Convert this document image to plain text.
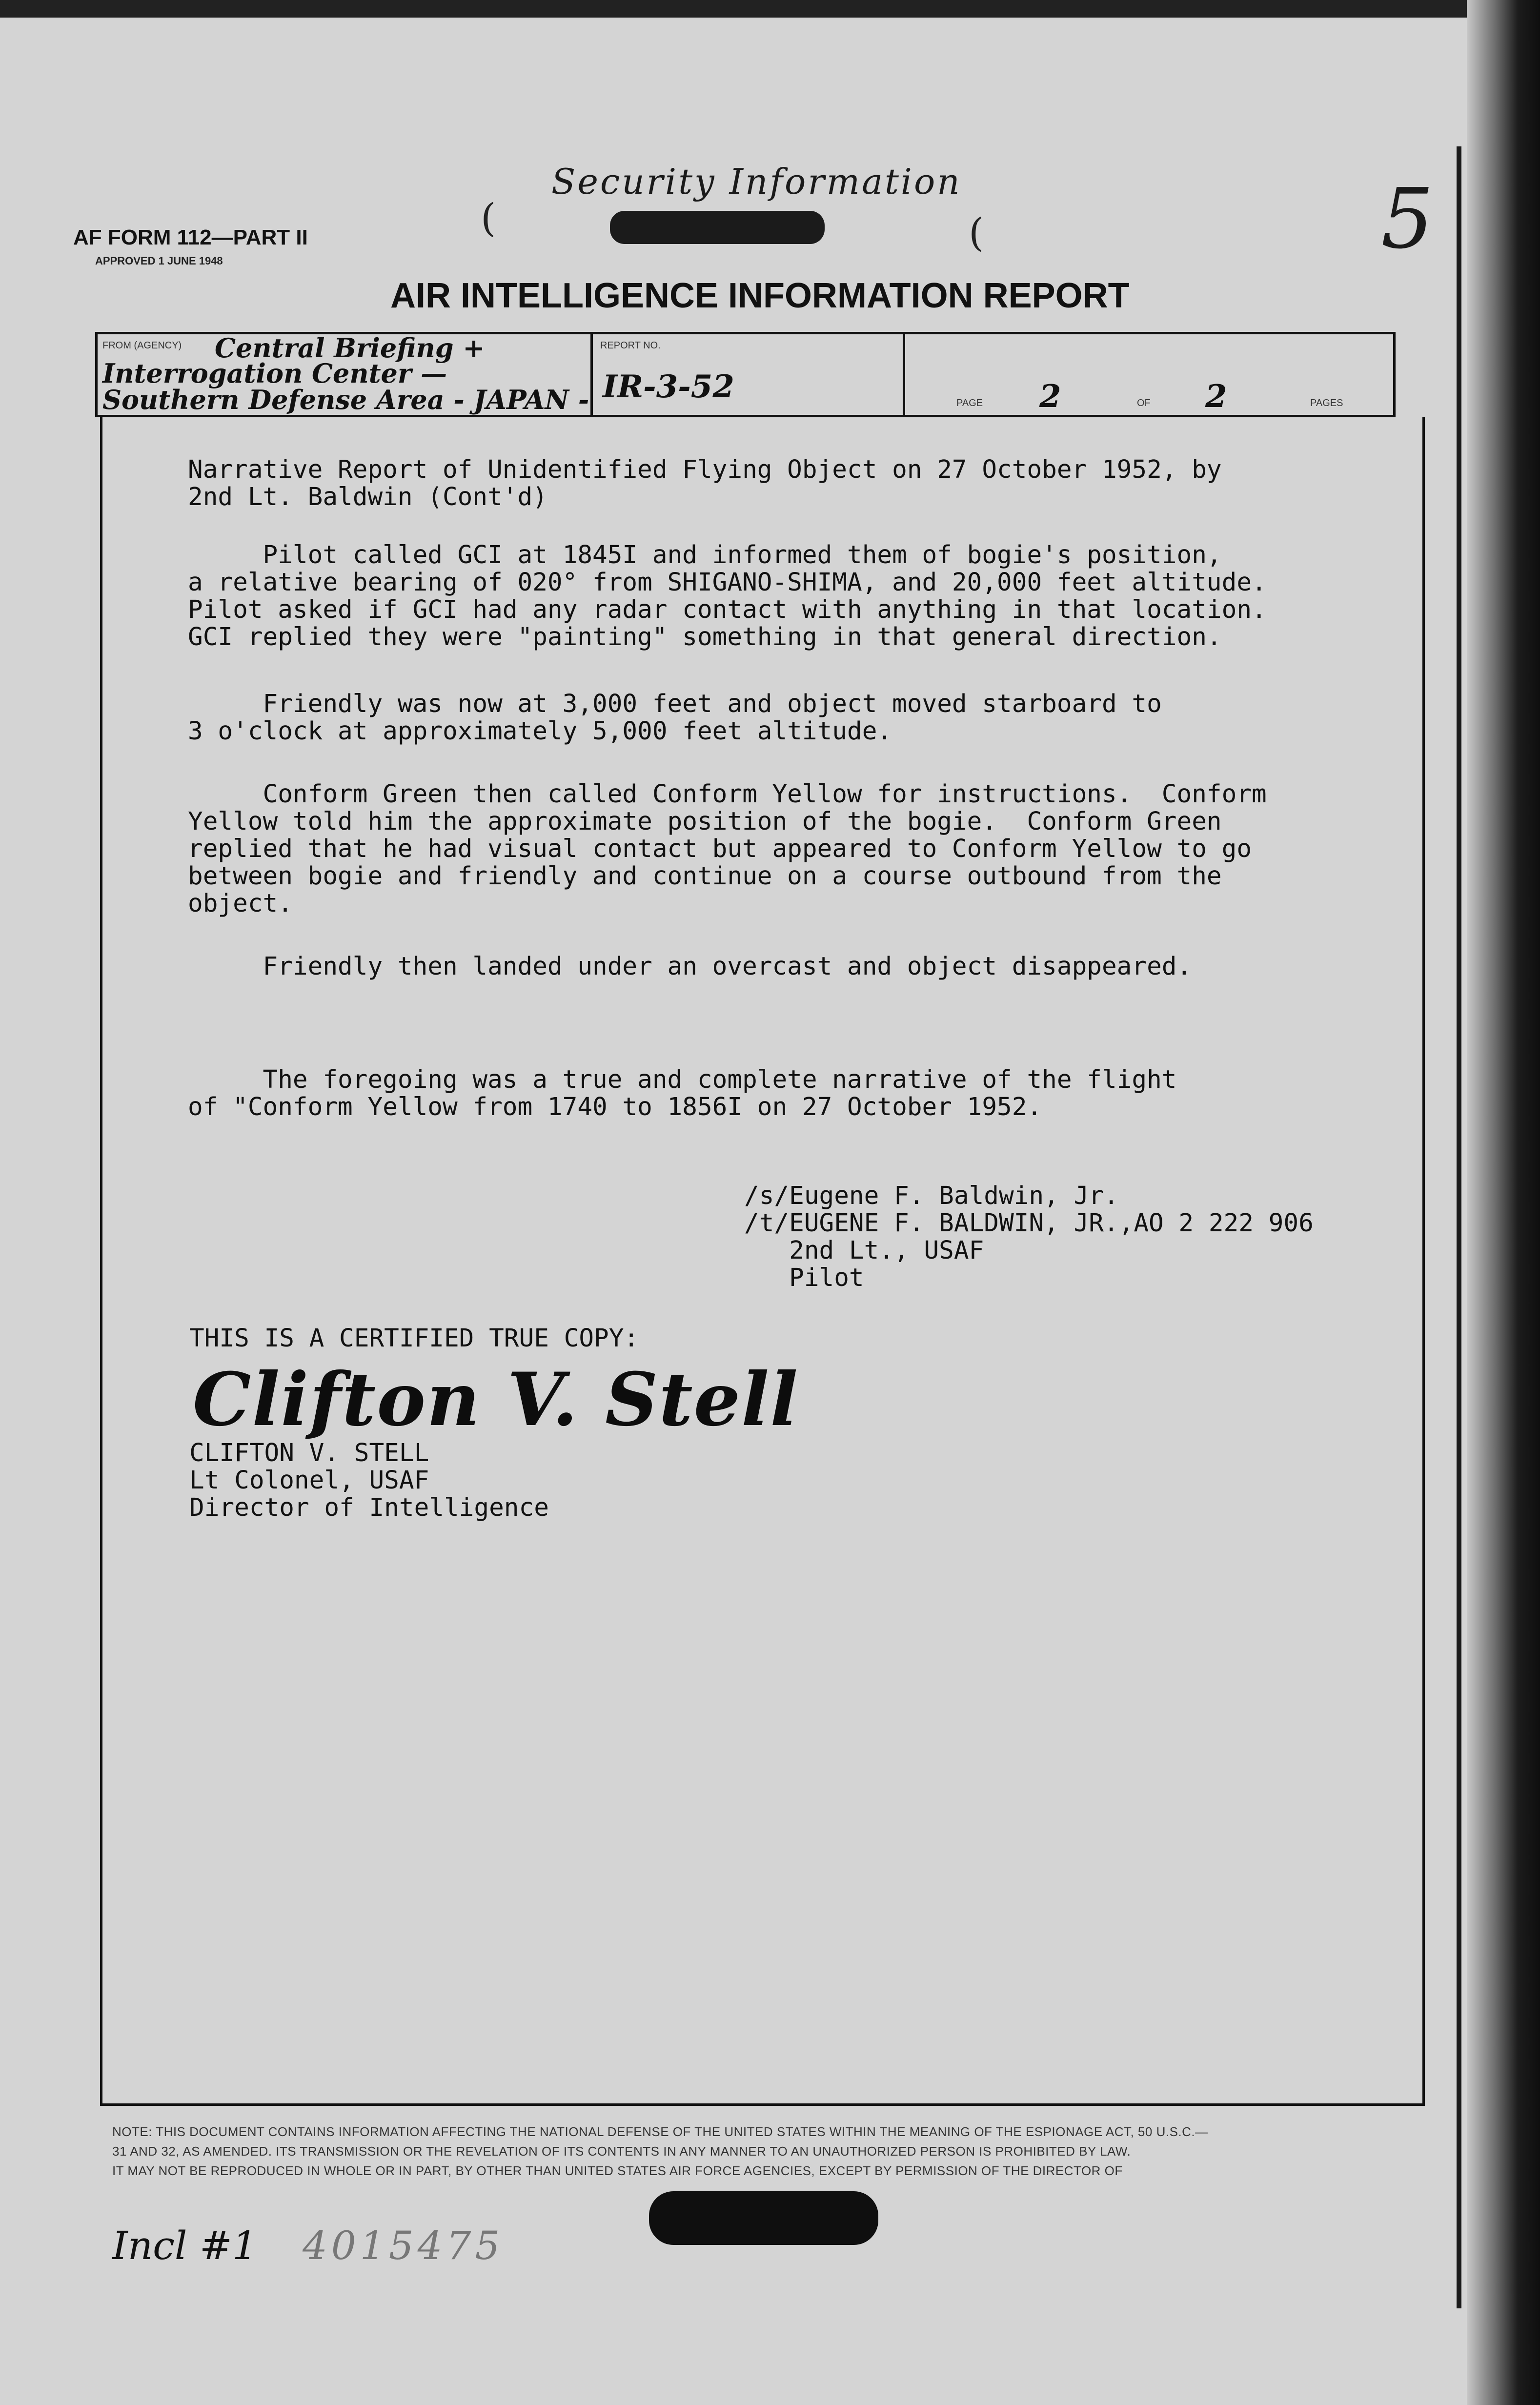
Security Information
(	(	5
AF FORM 112—PART II
APPROVED 1 JUNE 1948
AIR INTELLIGENCE INFORMATION REPORT
FROM (AGENCY) Central Briefing +
Interrogation Center —
Southern Defense Area - JAPAN -
REPORT NO.
IR-3-52	PAGE 2	OF 2	PAGES
Narrative Report of Unidentified Flying Object on 27 October 1952, by
2nd Lt. Baldwin (Cont'd)
Pilot called GCI at 1845I and informed them of bogie's position,
a relative bearing of 020° from SHIGANO-SHIMA, and 20,000 feet altitude.
Pilot asked if GCI had any radar contact with anything in that location.
GCI replied they were "painting" something in that general direction.
Friendly was now at 3,000 feet and object moved starboard to
3 o'clock at approximately 5,000 feet altitude.
Conform Green then called Conform Yellow for instructions.  Conform
Yellow told him the approximate position of the bogie.  Conform Green
replied that he had visual contact but appeared to Conform Yellow to go
between bogie and friendly and continue on a course outbound from the
object.
Friendly then landed under an overcast and object disappeared.
The foregoing was a true and complete narrative of the flight
of "Conform Yellow from 1740 to 1856I on 27 October 1952.
/s/Eugene F. Baldwin, Jr.
/t/EUGENE F. BALDWIN, JR.,AO 2 222 906
2nd Lt., USAF
Pilot
THIS IS A CERTIFIED TRUE COPY:
Clifton V. Stell
CLIFTON V. STELL
Lt Colonel, USAF
Director of Intelligence
NOTE: THIS DOCUMENT CONTAINS INFORMATION AFFECTING THE NATIONAL DEFENSE OF THE UNITED STATES WITHIN THE MEANING OF THE ESPIONAGE ACT, 50 U.S.C.—
31 AND 32, AS AMENDED. ITS TRANSMISSION OR THE REVELATION OF ITS CONTENTS IN ANY MANNER TO AN UNAUTHORIZED PERSON IS PROHIBITED BY LAW.
IT MAY NOT BE REPRODUCED IN WHOLE OR IN PART, BY OTHER THAN UNITED STATES AIR FORCE AGENCIES, EXCEPT BY PERMISSION OF THE DIRECTOR OF
Incl #1 4015475
